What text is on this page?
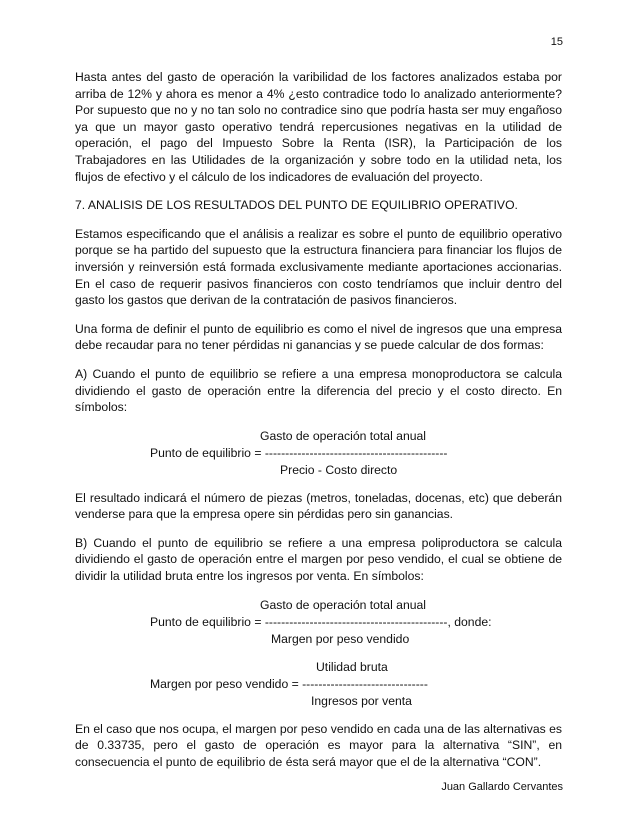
15

Hasta antes del gasto de operación la varibilidad de los factores analizados estaba por arriba de 12% y ahora es menor a 4% ¿esto contradice todo lo analizado anteriormente? Por supuesto que no y no tan solo no contradice sino que podría hasta ser muy engañoso ya que un mayor gasto operativo tendrá repercusiones negativas en la utilidad de operación, el pago del Impuesto Sobre la Renta (ISR), la Participación de los Trabajadores en las Utilidades de la organización y sobre todo en la utilidad neta, los flujos de efectivo y el cálculo de los indicadores de evaluación del proyecto.

7. ANALISIS DE LOS RESULTADOS DEL PUNTO DE EQUILIBRIO OPERATIVO.

Estamos especificando que el análisis a realizar es sobre el punto de equilibrio operativo porque se ha partido del supuesto que la estructura financiera para financiar los flujos de inversión y reinversión está formada exclusivamente mediante aportaciones accionarias. En el caso de requerir pasivos financieros con costo tendríamos que incluir dentro del gasto los gastos que derivan de la contratación de pasivos financieros.

Una forma de definir el punto de equilibrio es como el nivel de ingresos que una empresa debe recaudar para no tener pérdidas ni ganancias y se puede calcular de dos formas:

A) Cuando el punto de equilibrio se refiere a una empresa monoproductora se calcula dividiendo el gasto de operación entre la diferencia del precio y el costo directo. En símbolos:

Gasto de operación total anual
Punto de equilibrio = ---------------------------------------------
Precio - Costo directo

El resultado indicará el número de piezas (metros, toneladas, docenas, etc) que deberán venderse para que la empresa opere sin pérdidas pero sin ganancias.

B) Cuando el punto de equilibrio se refiere a una empresa poliproductora se calcula dividiendo el gasto de operación entre el margen por peso vendido, el cual se obtiene de dividir la utilidad bruta entre los ingresos por venta. En símbolos:

Gasto de operación total anual
Punto de equilibrio = ---------------------------------------------, donde:
Margen por peso vendido
Utilidad bruta
Margen por peso vendido = -------------------------------
Ingresos por venta

En el caso que nos ocupa, el margen por peso vendido en cada una de las alternativas es de 0.33735, pero el gasto de operación es mayor para la alternativa “SIN”, en consecuencia el punto de equilibrio de ésta será mayor que el de la alternativa “CON”.

Juan Gallardo Cervantes
